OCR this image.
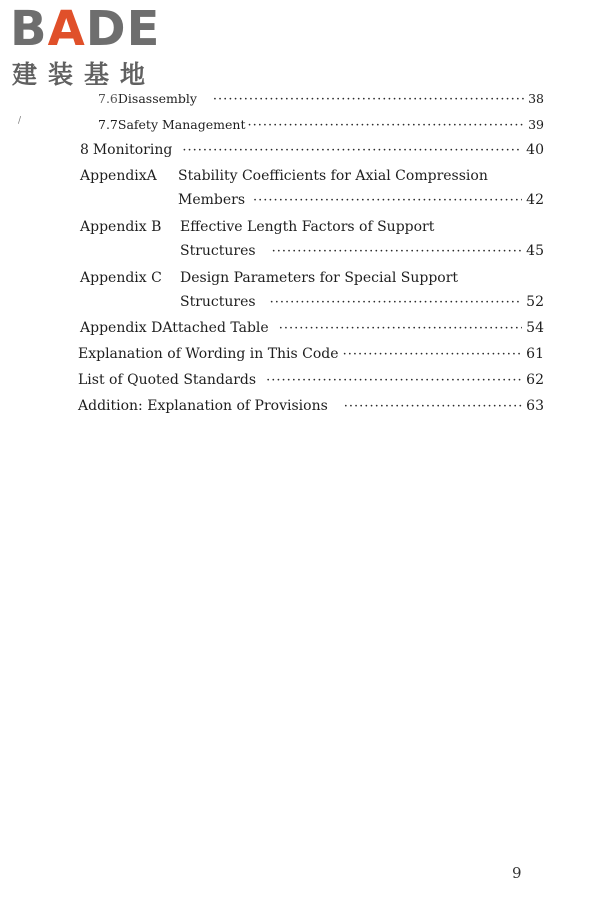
BADE
建装基地
/
7.6 Disassembly ·····	38
7.7 Safety Management ·····	39
8 Monitoring ·····	40
AppendixA	Stability Coefficients for Axial Compression
Members ·····	42
Appendix B	Effective Length Factors of Support
Structures ·····	45
Appendix C	Design Parameters for Special Support
Structures ·····	52
Appendix D Attached Table ·····	54
Explanation of Wording in This Code ·····	61
List of Quoted Standards ·····	62
Addition: Explanation of Provisions ·····	63
9
